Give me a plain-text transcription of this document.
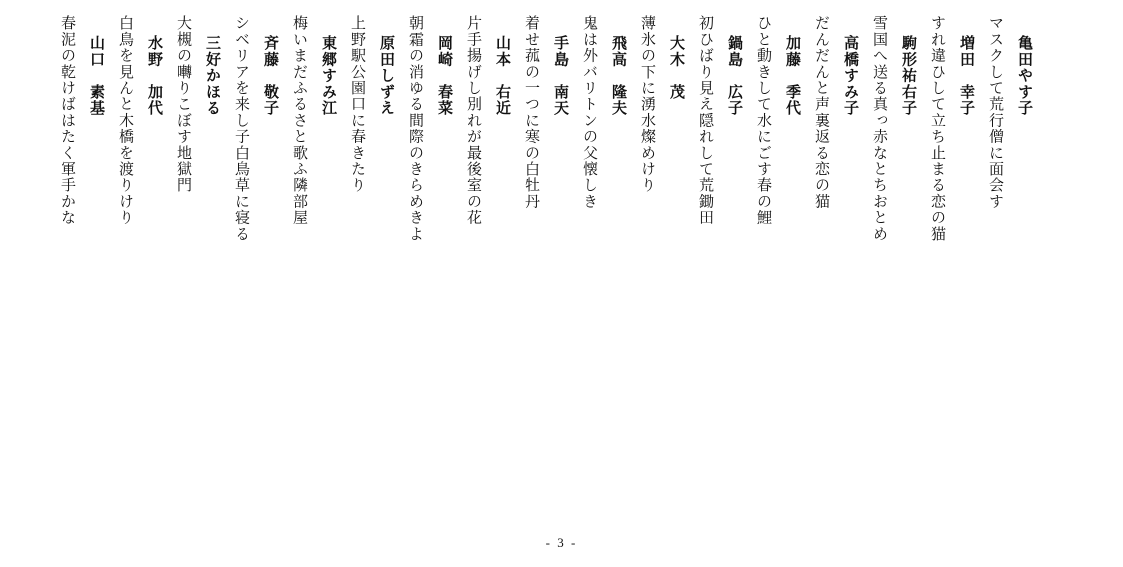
亀田やす子
マスクして荒行僧に面会す
増田　幸子
すれ違ひして立ち止まる恋の猫
駒形祐右子
雪国へ送る真っ赤なとちおとめ
高橋すみ子
だんだんと声裏返る恋の猫
加藤　季代
ひと動きして水にごす春の鯉
鍋島　広子
初ひばり見え隠れして荒鋤田
大木　茂
薄氷の下に湧水燦めけり
飛高　隆夫
鬼は外バリトンの父懐しき
手島　南天
着せ菰の一つに寒の白牡丹
山本　右近
片手揚げし別れが最後室の花
岡崎　春菜
朝霜の消ゆる間際のきらめきよ
原田しずえ
上野駅公園口に春きたり
東郷すみ江
梅いまだふるさと歌ふ隣部屋
斉藤　敬子
シベリアを来し子白鳥草に寝る
三好かほる
大槻の囀りこぼす地獄門
水野　加代
白鳥を見んと木橋を渡りけり
山口　素基
春泥の乾けばはたく軍手かな
- 3 -
